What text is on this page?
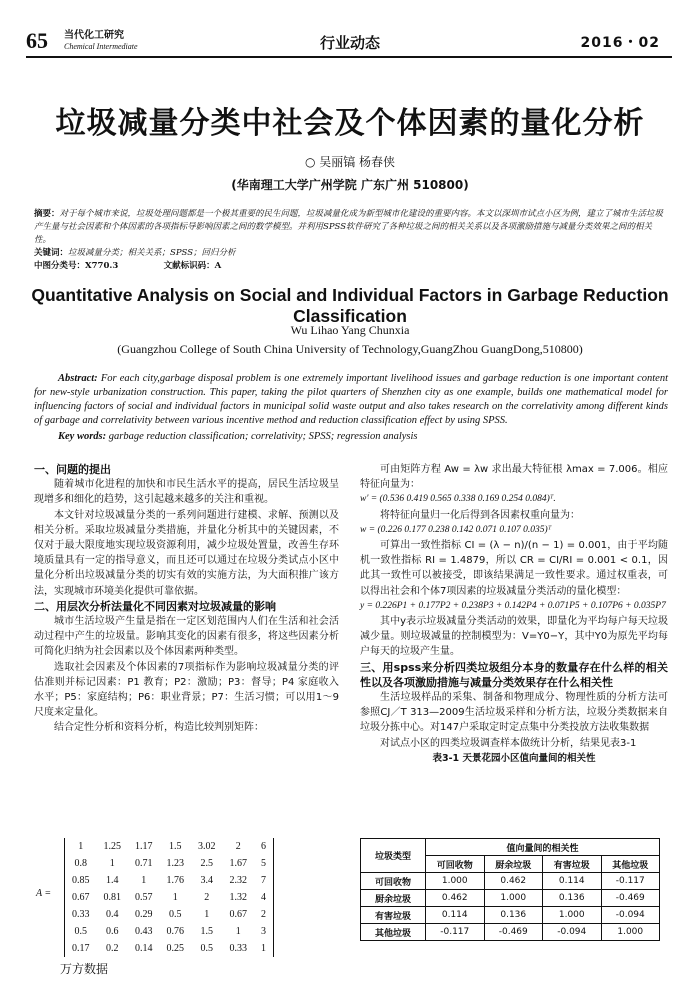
65 当代化工研究
Chemical Intermediate	行业动态	2016・02
垃圾减量分类中社会及个体因素的量化分析
○ 吴丽镐 杨春侠
(华南理工大学广州学院 广东广州 510800)
摘要：对于每个城市来说，垃圾处理问题都是一个极其重要的民生问题，垃圾减量化成为新型城市化建设的重要内容。本文以深圳市试点小区为例，建立了城市生活垃圾产生量与社会因素和个体因素的各项指标导影响因素之间的数学模型。并利用SPSS软件研究了各种垃圾之间的相关关系以及各项激励措施与减量分类效果之间的相关性。
关键词：垃圾减量分类；相关关系；SPSS；回归分析
中图分类号：X770.3	文献标识码：A
Quantitative Analysis on Social and Individual Factors in Garbage Reduction Classification
Wu Lihao Yang Chunxia
(Guangzhou College of South China University of Technology,GuangZhou GuangDong,510800)
Abstract: For each city,garbage disposal problem is one extremely important livelihood issues and garbage reduction is one important content for new-style urbanization construction. This paper, taking the pilot quarters of Shenzhen city as one example, builds one mathematical model for influencing factors of social and individual factors in municipal solid waste output and also takes research on the correlativity among different kinds of garbage and correlativity between various incentive method and reduction classification effect by using SPSS.
Key words: garbage reduction classification; correlativity; SPSS; regression analysis
一、问题的提出
随着城市化进程的加快和市民生活水平的提高，居民生活垃圾呈现增多和细化的趋势，这引起越来越多的关注和重视。
本文针对垃圾减量分类的一系列问题进行建模、求解、预测以及相关分析。采取垃圾减量分类措施，并量化分析其中的关键因素，不仅对于最大限度地实现垃圾资源利用，减少垃圾处置量，改善生存环境质量具有一定的指导意义，而且还可以通过在垃圾分类试点小区中量化分析出垃圾减量分类的切实有效的实施方法，为大面积推广该方法，实现城市环境美化提供可靠依据。
二、用层次分析法量化不同因素对垃圾减量的影响
城市生活垃圾产生量是指在一定区划范围内人们在生活和社会活动过程中产生的垃圾量。影响其变化的因素有很多，将这些因素分析可简化归纳为社会因素以及个体因素两种类型。
选取社会因素及个体因素的7项指标作为影响垃圾减量分类的评估准则并标记因素：P1 教育；P2：激励；P3：督导；P4 家庭收入水平；P5：家庭结构；P6：职业背景；P7：生活习惯；可以用1～9尺度来定量化。
结合定性分析和资料分析，构造比较判别矩阵：
A =
1	1.25	1.17	1.5	3.02	2	6
0.8	1	0.71	1.23	2.5	1.67	5
0.85	1.4	1	1.76	3.4	2.32	7
0.67	0.81	0.57	1	2	1.32	4
0.33	0.4	0.29	0.5	1	0.67	2
0.5	0.6	0.43	0.76	1.5	1	3
0.17	0.2	0.14	0.25	0.5	0.33	1
可由矩阵方程 Aw = λw 求出最大特征根 λmax = 7.006。相应特征向量为：
w' = (0.536 0.419 0.565 0.338 0.169 0.254 0.084)ᵀ.
将特征向量归一化后得到各因素权重向量为：
w = (0.226 0.177 0.238 0.142 0.071 0.107 0.035)ᵀ
可算出一致性指标 CI = (λ − n)/(n − 1) = 0.001，由于平均随机一致性指标 RI = 1.4879，所以 CR = CI/RI = 0.001 < 0.1，因此其一致性可以被接受，即该结果满足一致性要求。通过权重表，可以得出社会和个体7项因素的垃圾减量分类活动的量化模型：
y = 0.226P1 + 0.177P2 + 0.238P3 + 0.142P4 + 0.071P5 + 0.107P6 + 0.035P7
其中y表示垃圾减量分类活动的效果，即量化为平均每户每天垃圾减少量。则垃圾减量的控制模型为：V=Y0−Y，其中Y0为原先平均每户每天的垃圾产生量。
三、用spss来分析四类垃圾组分本身的数量存在什么样的相关性以及各项激励措施与减量分类效果存在什么相关性
生活垃圾样品的采集、制备和物理成分、物理性质的分析方法可参照CJ／T 313—2009生活垃圾采样和分析方法，垃圾分类数据来自垃圾分拣中心。对147户采取定时定点集中分类投放方法收集数据
对试点小区的四类垃圾调查样本做统计分析，结果见表3-1
表3-1 天景花园小区值向量间的相关性
垃圾类型	值向量间的相关性			
	可回收物	厨余垃圾	有害垃圾	其他垃圾
可回收物	1.000	0.462	0.114	-0.117
厨余垃圾	0.462	1.000	0.136	-0.469
有害垃圾	0.114	0.136	1.000	-0.094
其他垃圾	-0.117	-0.469	-0.094	1.000
万方数据
